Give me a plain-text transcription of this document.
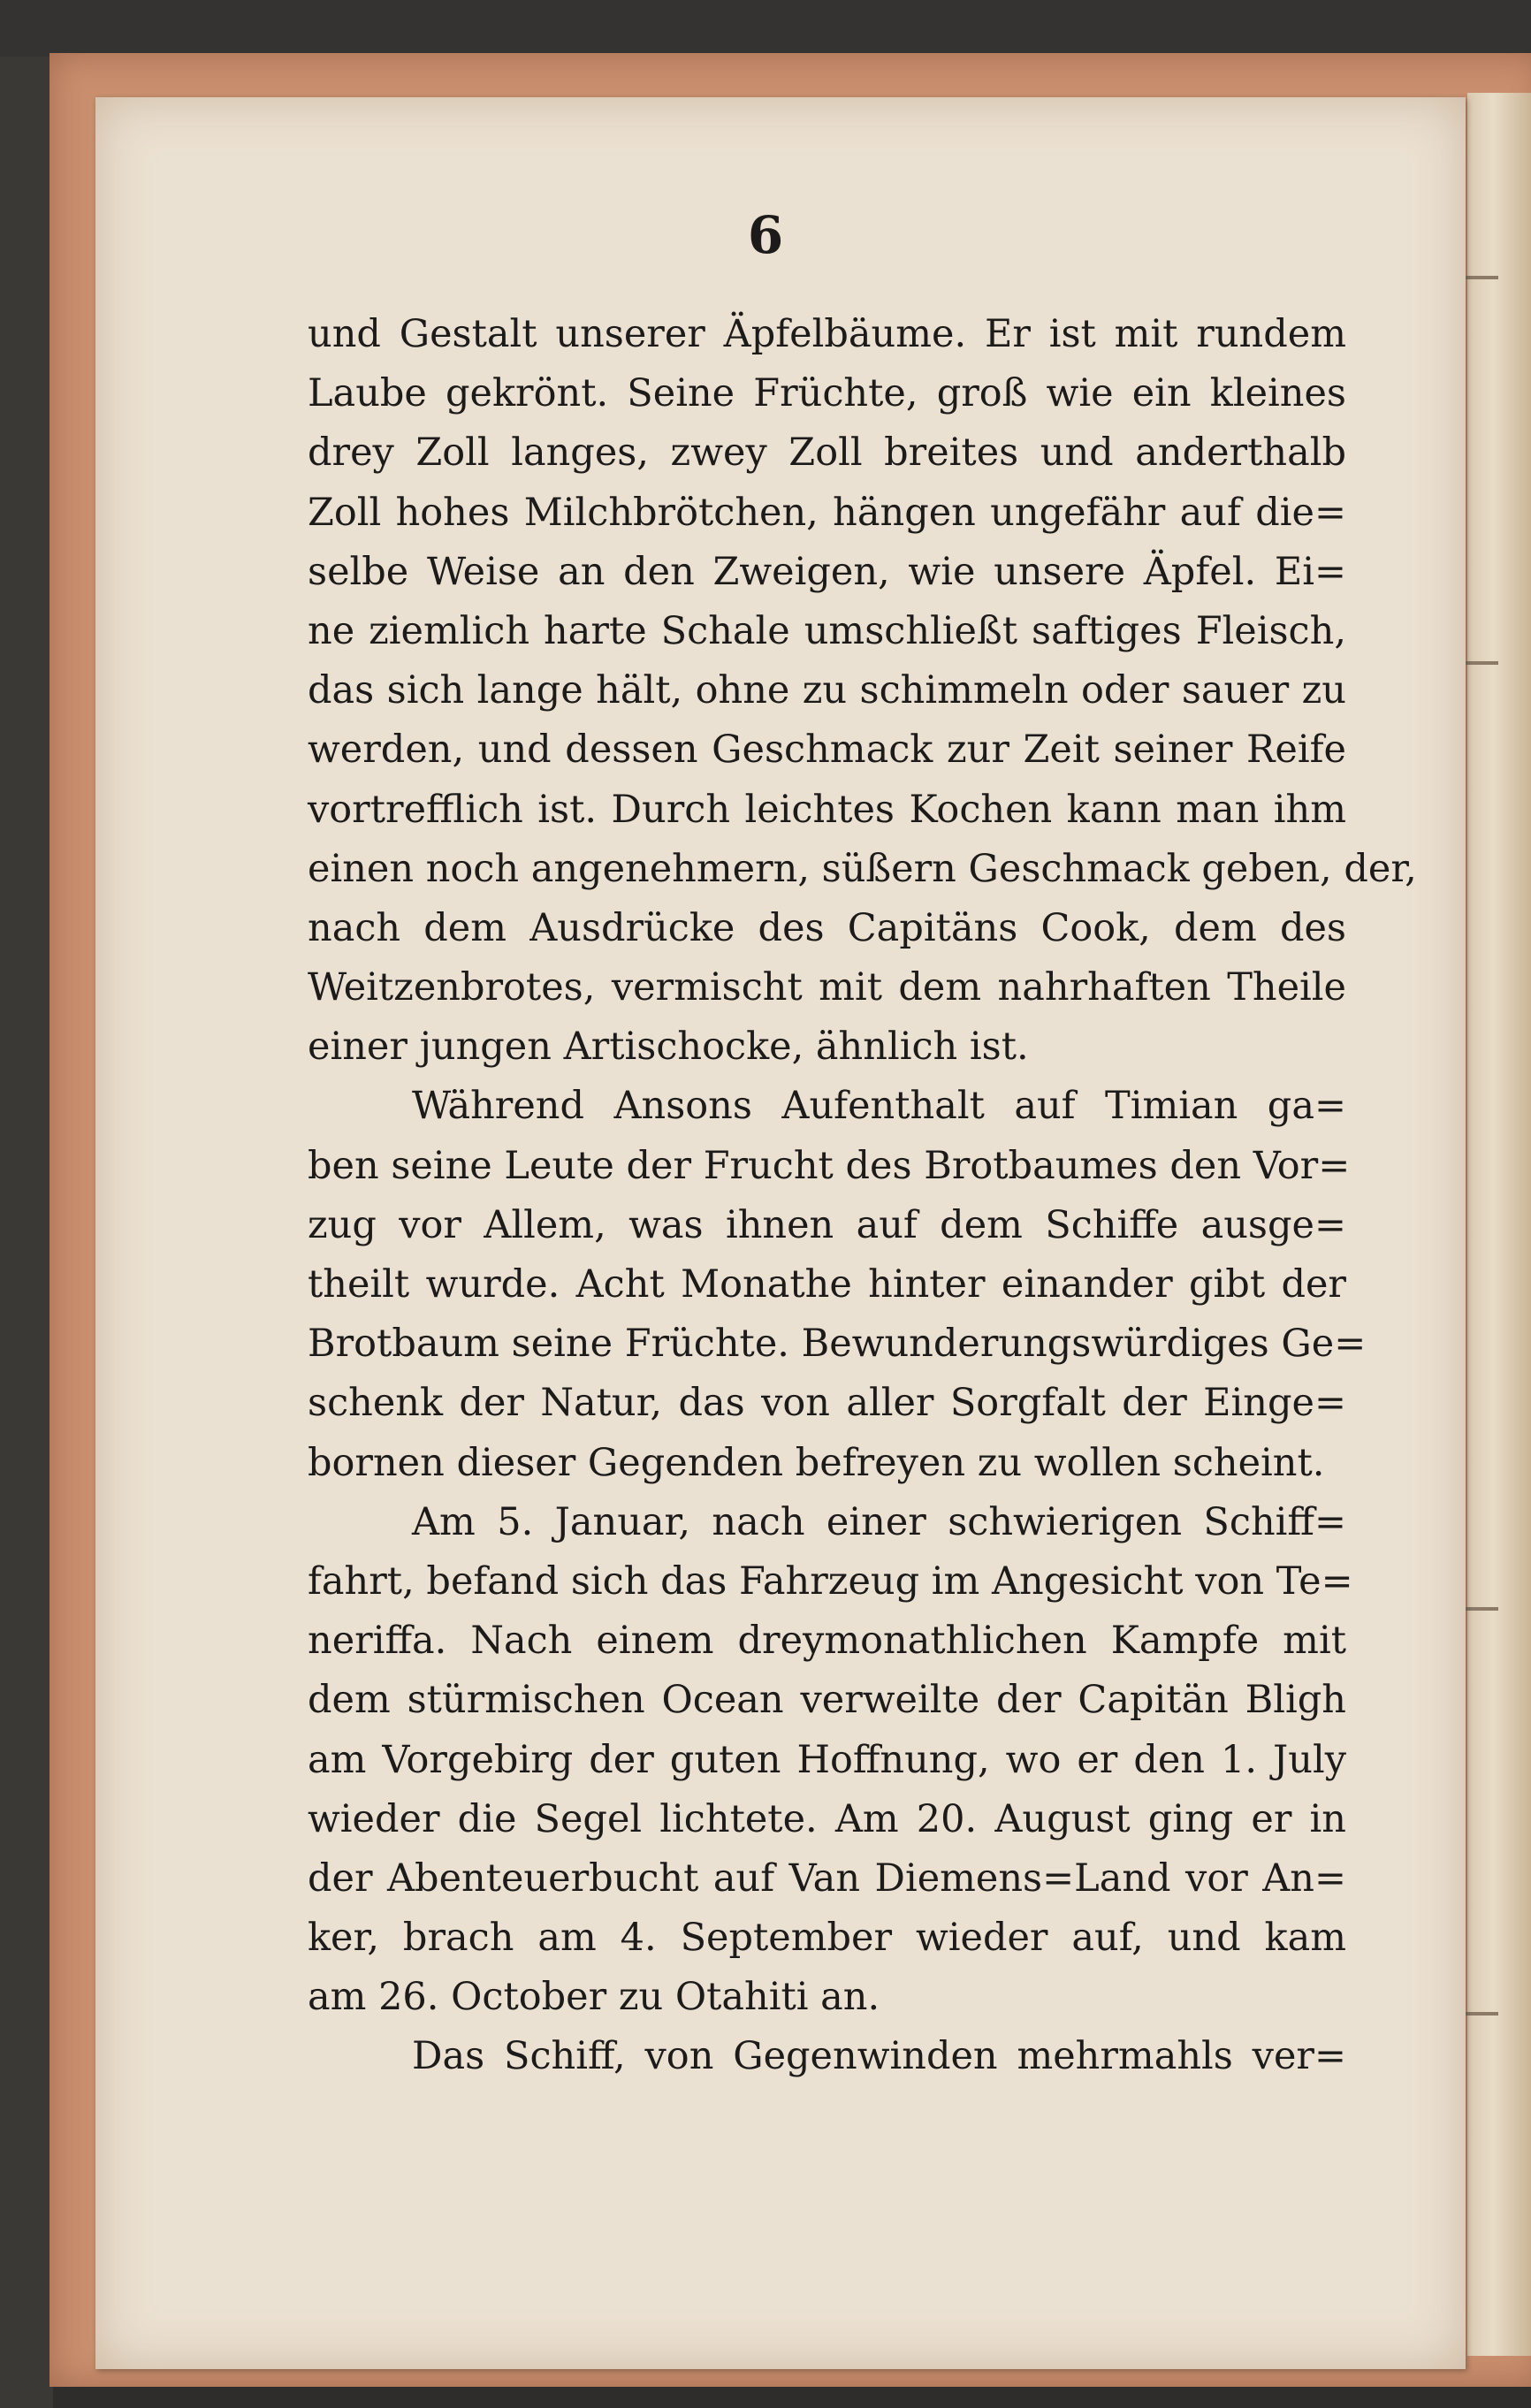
6
und Gestalt unserer Äpfelbäume. Er ist mit rundem
Laube gekrönt. Seine Früchte, groß wie ein kleines
drey Zoll langes, zwey Zoll breites und anderthalb
Zoll hohes Milchbrötchen, hängen ungefähr auf die=
selbe Weise an den Zweigen, wie unsere Äpfel. Ei=
ne ziemlich harte Schale umschließt saftiges Fleisch,
das sich lange hält, ohne zu schimmeln oder sauer zu
werden, und dessen Geschmack zur Zeit seiner Reife
vortrefflich ist. Durch leichtes Kochen kann man ihm
einen noch angenehmern, süßern Geschmack geben, der,
nach dem Ausdrücke des Capitäns Cook, dem des
Weitzenbrotes, vermischt mit dem nahrhaften Theile
einer jungen Artischocke, ähnlich ist.
Während Ansons Aufenthalt auf Timian ga=
ben seine Leute der Frucht des Brotbaumes den Vor=
zug vor Allem, was ihnen auf dem Schiffe ausge=
theilt wurde. Acht Monathe hinter einander gibt der
Brotbaum seine Früchte. Bewunderungswürdiges Ge=
schenk der Natur, das von aller Sorgfalt der Einge=
bornen dieser Gegenden befreyen zu wollen scheint.
Am 5. Januar, nach einer schwierigen Schiff=
fahrt, befand sich das Fahrzeug im Angesicht von Te=
neriffa. Nach einem dreymonathlichen Kampfe mit
dem stürmischen Ocean verweilte der Capitän Bligh
am Vorgebirg der guten Hoffnung, wo er den 1. July
wieder die Segel lichtete. Am 20. August ging er in
der Abenteuerbucht auf Van Diemens=Land vor An=
ker, brach am 4. September wieder auf, und kam
am 26. October zu Otahiti an.
Das Schiff, von Gegenwinden mehrmahls ver=
